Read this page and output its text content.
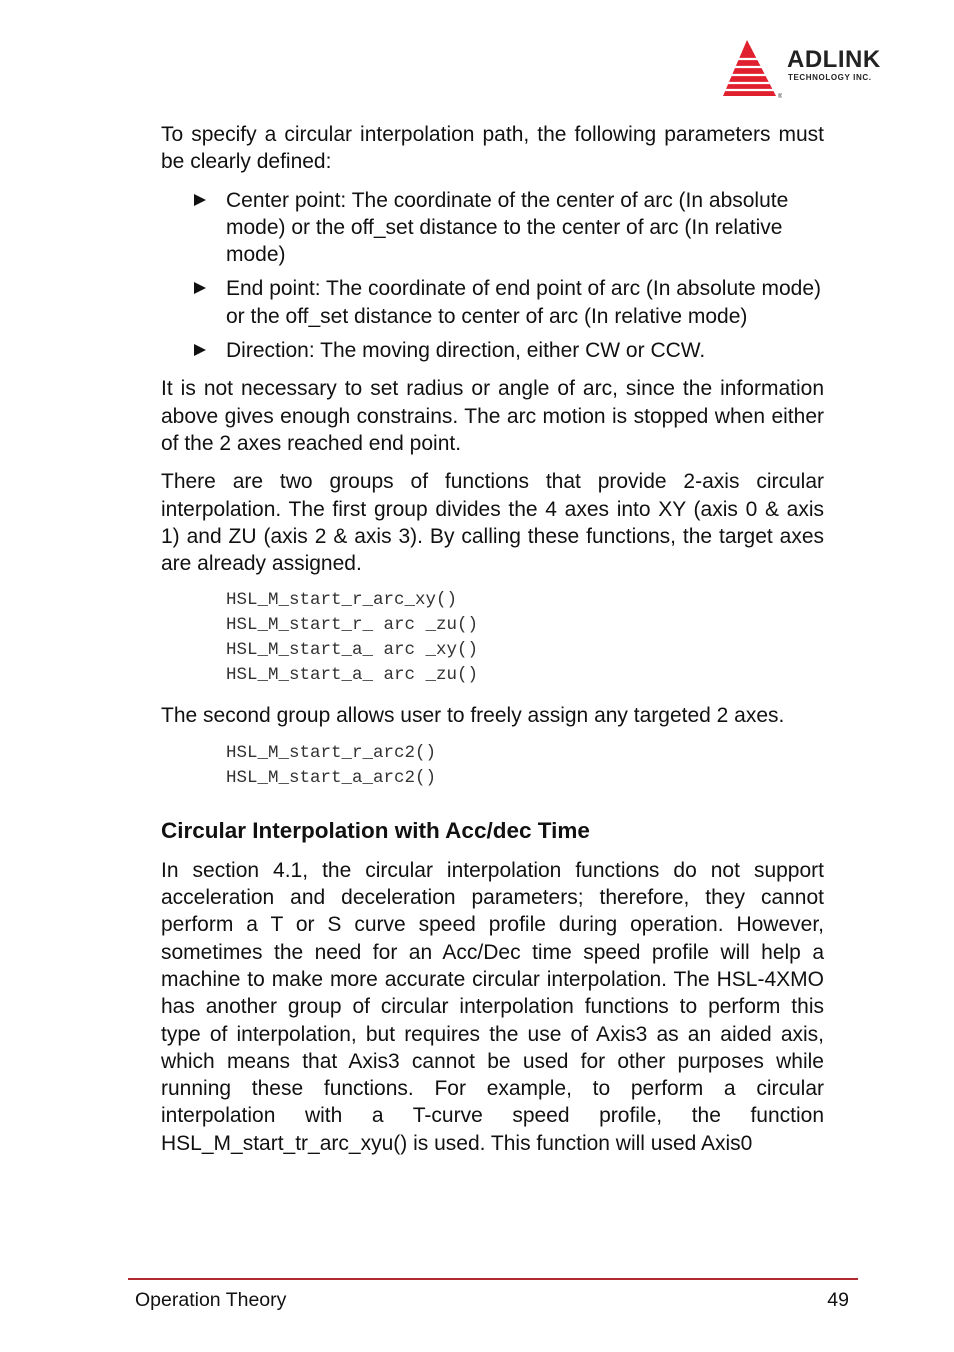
®
ADLINK
TECHNOLOGY INC.

To specify a circular interpolation path, the following parameters must be clearly defined:

Center point: The coordinate of the center of arc (In absolute mode) or the off_set distance to the center of arc (In relative mode)
End point: The coordinate of end point of arc (In absolute mode) or the off_set distance to center of arc (In relative mode)
Direction: The moving direction, either CW or CCW.

It is not necessary to set radius or angle of arc, since the information above gives enough constrains. The arc motion is stopped when either of the 2 axes reached end point.

There are two groups of functions that provide 2-axis circular interpolation. The first group divides the 4 axes into XY (axis 0 & axis 1) and ZU (axis 2 & axis 3). By calling these functions, the target axes are already assigned.

HSL_M_start_r_arc_xy()
HSL_M_start_r_ arc _zu()
HSL_M_start_a_ arc _xy()
HSL_M_start_a_ arc _zu()

The second group allows user to freely assign any targeted 2 axes.

HSL_M_start_r_arc2()
HSL_M_start_a_arc2()
Circular Interpolation with Acc/dec Time

In section 4.1, the circular interpolation functions do not support acceleration and deceleration parameters; therefore, they cannot perform a T or S curve speed profile during operation. However, sometimes the need for an Acc/Dec time speed profile will help a machine to make more accurate circular interpolation. The HSL-4XMO has another group of circular interpolation functions to perform this type of interpolation, but requires the use of Axis3 as an aided axis, which means that Axis3 cannot be used for other purposes while running these functions. For example, to perform a circular interpolation with a T-curve speed profile, the function HSL_M_start_tr_arc_xyu() is used. This function will used Axis0

Operation Theory	49
